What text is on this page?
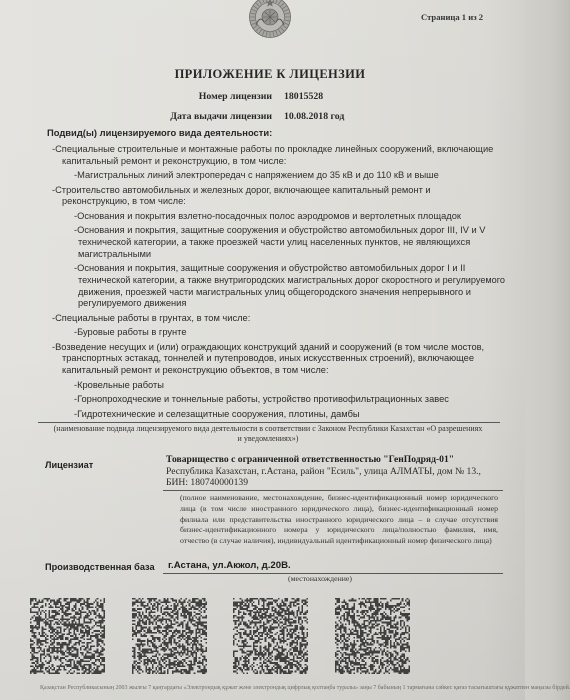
Страница 1 из 2
ПРИЛОЖЕНИЕ К ЛИЦЕНЗИИ
Номер лицензии 18015528
Дата выдачи лицензии 10.08.2018 год
Подвид(ы) лицензируемого вида деятельности:
-Специальные строительные и монтажные работы по прокладке линейных сооружений, включающие
капитальный ремонт и реконструкцию, в том числе:
-Магистральных линий электропередач с напряжением до 35 кВ и до 110 кВ и выше
-Строительство автомобильных и железных дорог, включающее капитальный ремонт и
реконструкцию, в том числе:
-Основания и покрытия взлетно-посадочных полос аэродромов и вертолетных площадок
-Основания и покрытия, защитные сооружения и обустройство автомобильных дорог III, IV и V
технической категории, а также проезжей части улиц населенных пунктов, не являющихся
магистральными
-Основания и покрытия, защитные сооружения и обустройство автомобильных дорог I и II
технической категории, а также внутригородских магистральных дорог скоростного и регулируемого
движения, проезжей части магистральных улиц общегородского значения непрерывного и
регулируемого движения
-Специальные работы в грунтах, в том числе:
-Буровые работы в грунте
-Возведение несущих и (или) ограждающих конструкций зданий и сооружений (в том числе мостов,
транспортных эстакад, тоннелей и путепроводов, иных искусственных строений), включающее
капитальный ремонт и реконструкцию объектов, в том числе:
-Кровельные работы
-Горнопроходческие и тоннельные работы, устройство противофильтрационных завес
-Гидротехнические и селезащитные сооружения, плотины, дамбы
(наименование подвида лицензируемого вида деятельности в соответствии с Законом Республики Казахстан «О разрешениях
и уведомлениях»)
Лицензиат	Товарищество с ограниченной ответственностью "ГенПодряд-01"
Республика Казахстан, г.Астана, район "Есиль", улица АЛМАТЫ, дом № 13.,
БИН: 180740000139
(полное наименование, местонахождение, бизнес-идентификационный номер юридического
лица (в том числе иностранного юридического лица), бизнес-идентификационный номер
филиала или представительства иностранного юридического лица – в случае отсутствия
бизнес-идентификационного номера у юридического лица/полностью фамилия, имя,
отчество (в случае наличия), индивидуальный идентификационный номер физического лица)
Производственная база г.Астана, ул.Акжол, д.20В.
(местонахождение)
Қазақстан Республикасының 2003 жылғы 7 қаңтардағы «Электрондық құжат және электрондық цифрлық қолтаңба туралы» заңы 7 бабының 1 тармағына сәйкес қағаз тасығыштағы құжатпен маңызы бірдей.
